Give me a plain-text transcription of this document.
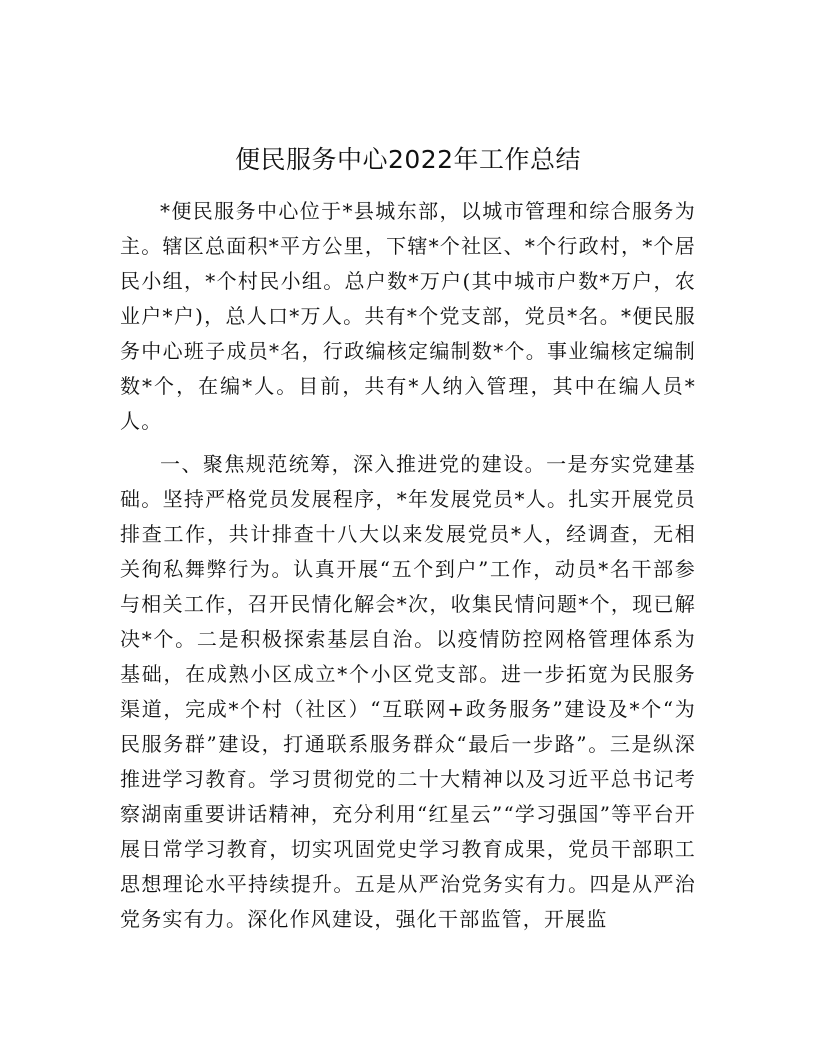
便民服务中心2022年工作总结

*便民服务中心位于*县城东部，以城市管理和综合服务为主。辖区总面积*平方公里，下辖*个社区、*个行政村，*个居民小组，*个村民小组。总户数*万户(其中城市户数*万户，农业户*户)，总人口*万人。共有*个党支部，党员*名。*便民服务中心班子成员*名，行政编核定编制数*个。事业编核定编制数*个，在编*人。目前，共有*人纳入管理，其中在编人员*人。

一、聚焦规范统筹，深入推进党的建设。一是夯实党建基础。坚持严格党员发展程序，*年发展党员*人。扎实开展党员排查工作，共计排查十八大以来发展党员*人，经调查，无相关徇私舞弊行为。认真开展“五个到户”工作，动员*名干部参与相关工作，召开民情化解会*次，收集民情问题*个，现已解决*个。二是积极探索基层自治。以疫情防控网格管理体系为基础，在成熟小区成立*个小区党支部。进一步拓宽为民服务渠道，完成*个村（社区）“互联网+政务服务”建设及*个“为民服务群”建设，打通联系服务群众“最后一步路”。三是纵深推进学习教育。学习贯彻党的二十大精神以及习近平总书记考察湖南重要讲话精神，充分利用“红星云”“学习强国”等平台开展日常学习教育，切实巩固党史学习教育成果，党员干部职工思想理论水平持续提升。五是从严治党务实有力。四是从严治党务实有力。深化作风建设，强化干部监管，开展监
